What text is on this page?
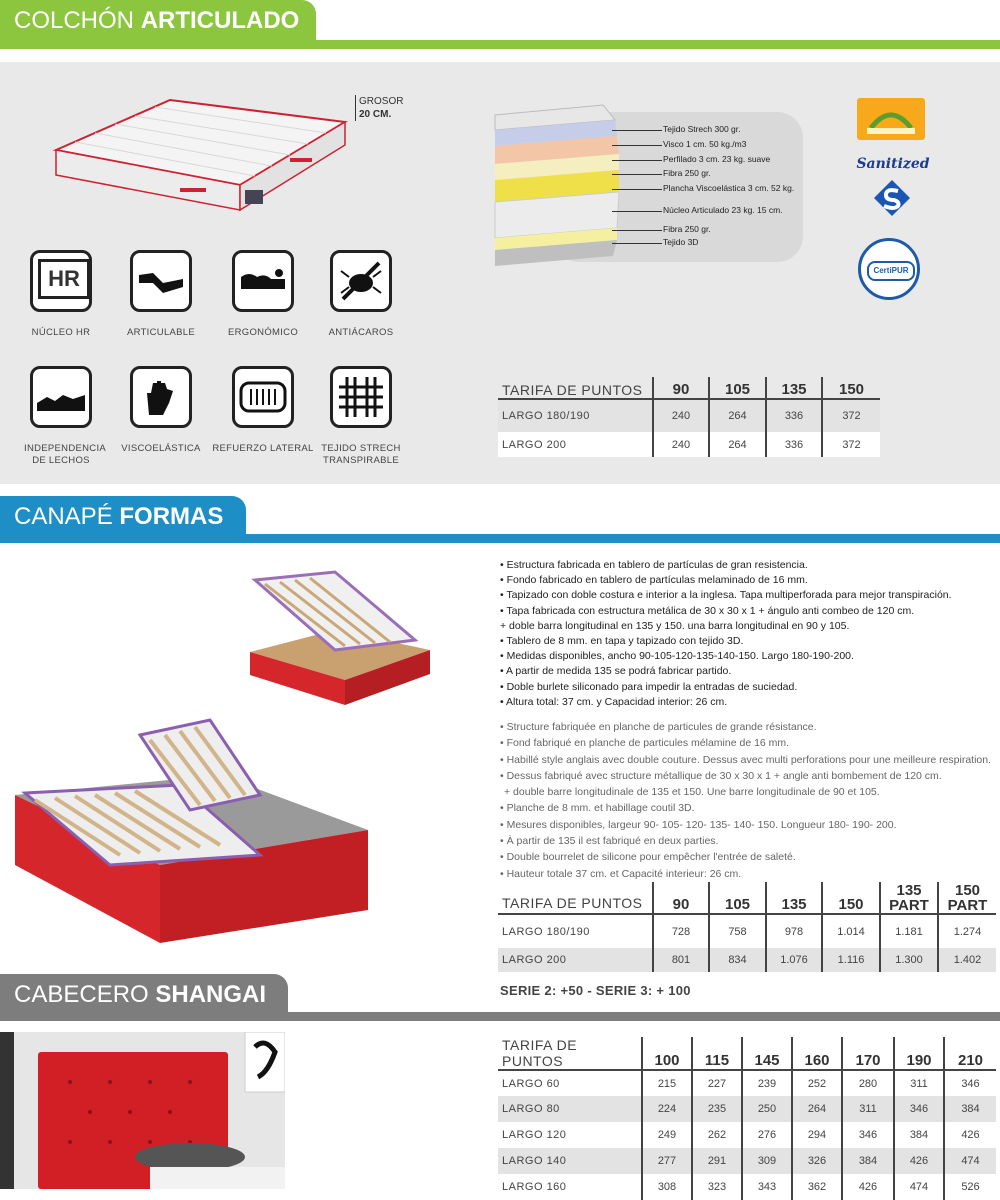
COLCHÓN ARTICULADO
GROSOR
20 CM.
HR
NÚCLEO HR	ARTICULABLE	ERGONÓMICO	ANTIÁCAROS
INDEPENDENCIA DE LECHOS
VISCOELÁSTICA	REFUERZO LATERAL TEJIDO STRECH TRANSPIRABLE
Tejido Strech 300 gr.
Visco 1 cm. 50 kg./m3
Perfilado 3 cm. 23 kg. suave
Fibra 250 gr.
Plancha Viscoelástica 3 cm. 52 kg.
Núcleo Articulado 23 kg. 15 cm.
Fibra 250 gr.
Tejido 3D
Sanitized
CertiPUR
TARIFA DE PUNTOS	90	105	135	150
LARGO 180/190	240	264	336	372
LARGO 200	240	264	336	372
CANAPÉ FORMAS
• Estructura fabricada en tablero de partículas de gran resistencia.
• Fondo fabricado en tablero de partículas melaminado de 16 mm.
• Tapizado con doble costura e interior a la inglesa. Tapa multiperforada para mejor transpiración.
• Tapa fabricada con estructura metálica de 30 x 30 x 1 + ángulo anti combeo de 120 cm.
+ doble barra longitudinal en 135 y 150. una barra longitudinal en 90 y 105.
• Tablero de 8 mm. en tapa y tapizado con tejido 3D.
• Medidas disponibles, ancho 90-105-120-135-140-150. Largo 180-190-200.
• A partir de medida 135 se podrá fabricar partido.
• Doble burlete siliconado para impedir la entradas de suciedad.
• Altura total: 37 cm. y Capacidad interior: 26 cm.
• Structure fabriquée en planche de particules de grande résistance.
• Fond fabriqué en planche de particules mélamine de 16 mm.
• Habillé style anglais avec double couture. Dessus avec multi perforations pour une meilleure respiration.
• Dessus fabriqué avec structure métallique de 30 x 30 x 1 + angle anti bombement de 120 cm.
+ double barre longitudinale de 135 et 150. Une barre longitudinale de 90 et 105.
• Planche de 8 mm. et habillage coutil 3D.
• Mesures disponibles, largeur 90- 105- 120- 135- 140- 150. Longueur 180- 190- 200.
• À partir de 135 il est fabriqué en deux parties.
• Double bourrelet de silicone pour empêcher l'entrée de saleté.
• Hauteur totale 37 cm. et Capacité interieur: 26 cm.
TARIFA DE PUNTOS	90	105	135	150	135 PART	150 PART
LARGO 180/190	728	758	978	1.014	1.181	1.274
LARGO 200	801	834	1.076	1.116	1.300	1.402
SERIE 2: +50 - SERIE 3: + 100
CABECERO SHANGAI
TARIFA DE PUNTOS	100	115	145	160	170	190	210
LARGO 60	215	227	239	252	280	311	346
LARGO 80	224	235	250	264	311	346	384
LARGO 120	249	262	276	294	346	384	426
LARGO 140	277	291	309	326	384	426	474
LARGO 160	308	323	343	362	426	474	526
